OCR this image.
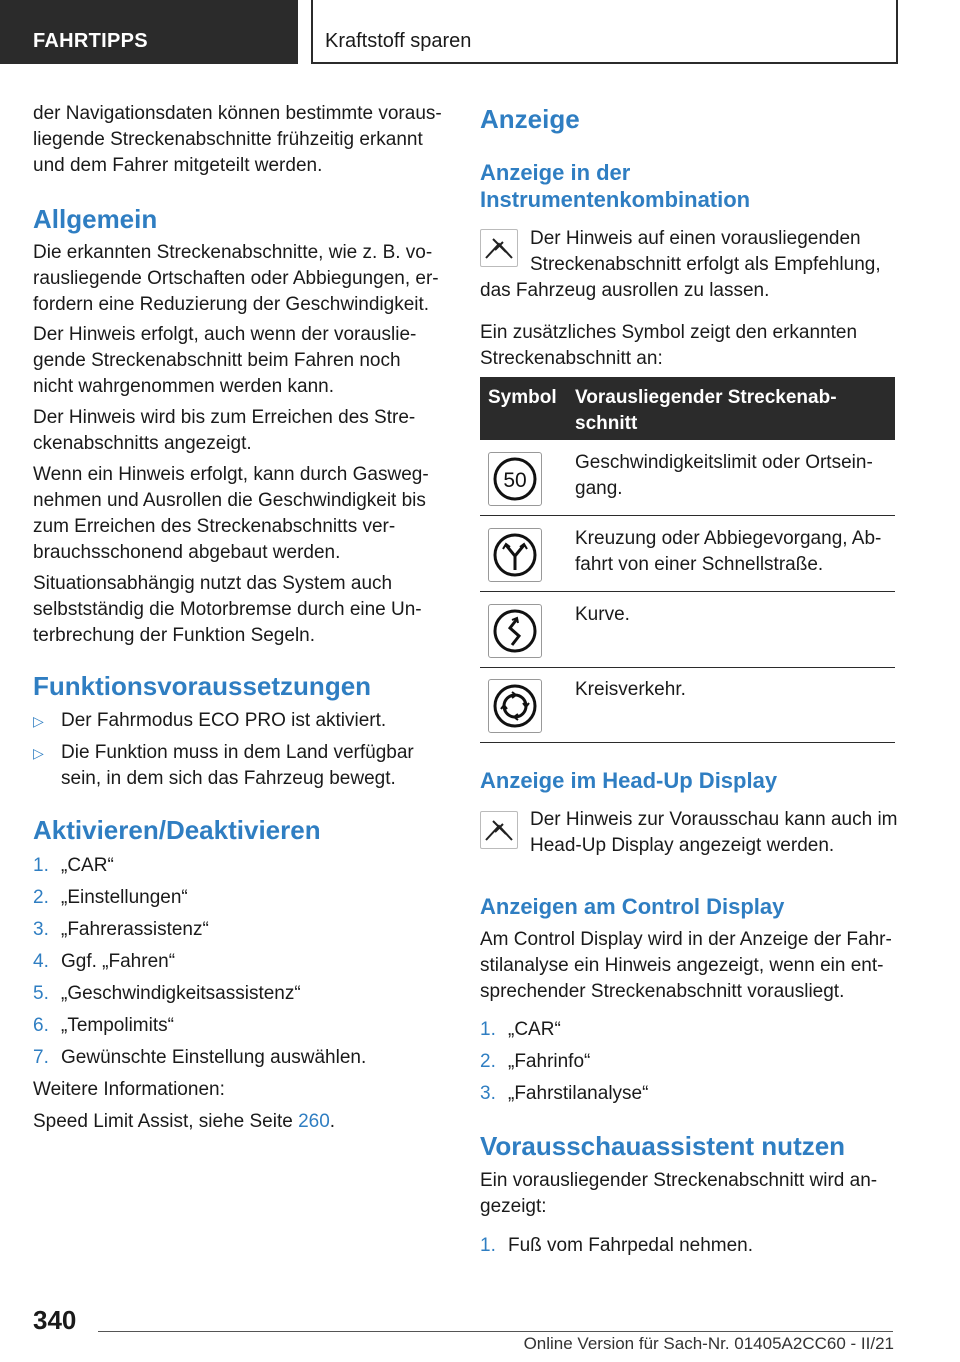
FAHRTIPPS	Kraftstoff sparen

der Navigationsdaten können bestimmte voraus-

liegende Streckenabschnitte frühzeitig erkannt

und dem Fahrer mitgeteilt werden.

Allgemein

Die erkannten Streckenabschnitte, wie z. B. vo-

rausliegende Ortschaften oder Abbiegungen, er-

fordern eine Reduzierung der Geschwindigkeit.

Der Hinweis erfolgt, auch wenn der vorauslie-

gende Streckenabschnitt beim Fahren noch

nicht wahrgenommen werden kann.

Der Hinweis wird bis zum Erreichen des Stre-

ckenabschnitts angezeigt.

Wenn ein Hinweis erfolgt, kann durch Gasweg-

nehmen und Ausrollen die Geschwindigkeit bis

zum Erreichen des Streckenabschnitts ver-

brauchsschonend abgebaut werden.

Situationsabhängig nutzt das System auch

selbstständig die Motorbremse durch eine Un-

terbrechung der Funktion Segeln.

Funktionsvoraussetzungen
▷ Der Fahrmodus ECO PRO ist aktiviert.

▷ Die Funktion muss in dem Land verfügbar

sein, in dem sich das Fahrzeug bewegt.

Aktivieren/Deaktivieren
1. „CAR“

2. „Einstellungen“

3. „Fahrerassistenz“

4. Ggf. „Fahren“

5. „Geschwindigkeitsassistenz“

6. „Tempolimits“

7. Gewünschte Einstellung auswählen.

Weitere Informationen:
Speed Limit Assist, siehe Seite 260.
Anzeige

Anzeige in der

Instrumentenkombination

Der Hinweis auf einen vorausliegenden

Streckenabschnitt erfolgt als Empfehlung,

das Fahrzeug ausrollen zu lassen.

Ein zusätzliches Symbol zeigt den erkannten

Streckenabschnitt an:

Anzeige im Head-Up Display

Der Hinweis zur Vorausschau kann auch im

Head-Up Display angezeigt werden.

Anzeigen am Control Display

Am Control Display wird in der Anzeige der Fahr-

stilanalyse ein Hinweis angezeigt, wenn ein ent-

sprechender Streckenabschnitt vorausliegt.

1. „CAR“

2. „Fahrinfo“

3. „Fahrstilanalyse“

Vorausschauassistent nutzen

Ein vorausliegender Streckenabschnitt wird an-

gezeigt:

1. Fuß vom Fahrpedal nehmen.

Symbol Vorausliegender Streckenab-

schnitt

50

Geschwindigkeitslimit oder Ortsein-

gang.

Kreuzung oder Abbiegevorgang, Ab-

fahrt von einer Schnellstraße.

Kurve.

Kreisverkehr.

340
Online Version für Sach-Nr. 01405A2CC60 - II/21
